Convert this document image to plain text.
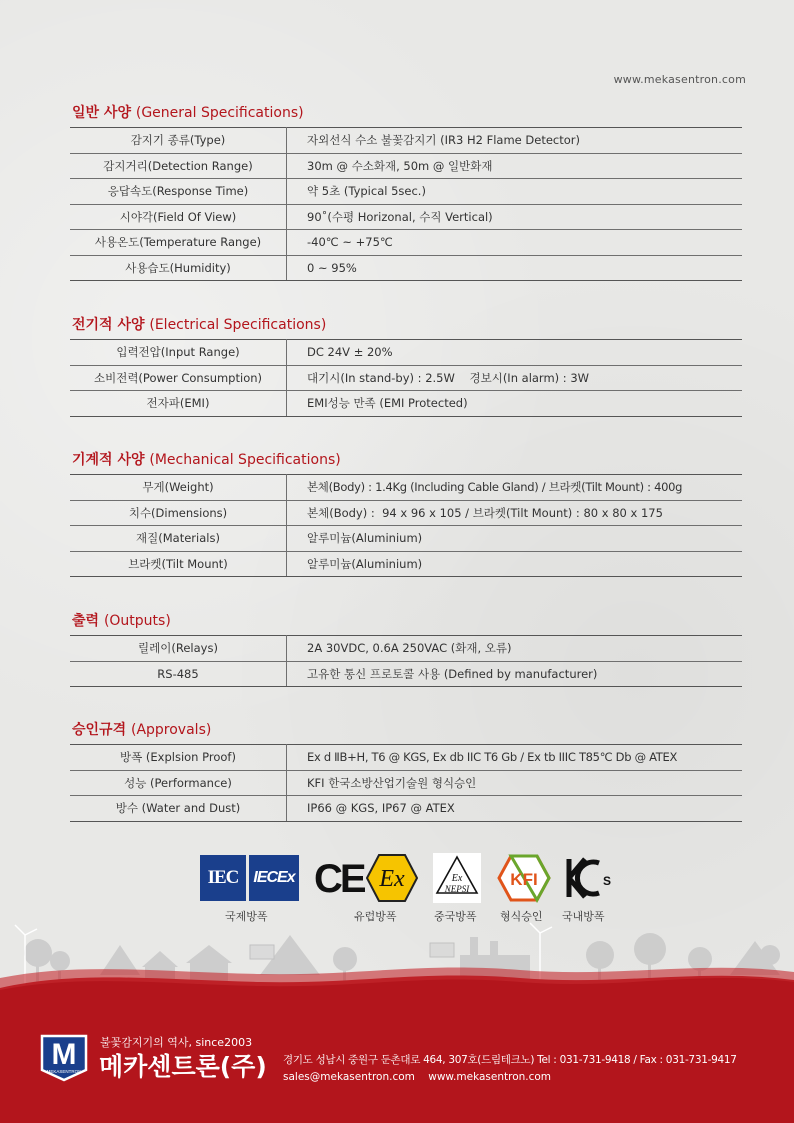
www.mekasentron.com
일반 사양 (General Specifications)
감지기 종류(Type)	자외선식 수소 불꽃감지기 (IR3 H2 Flame Detector)
감지거리(Detection Range)	30m @ 수소화재, 50m @ 일반화재
응답속도(Response Time)	약 5초 (Typical 5sec.)
시야각(Field Of View)	90˚(수평 Horizonal, 수직 Vertical)
사용온도(Temperature Range)	-40℃ ~ +75℃
사용습도(Humidity)	0 ~ 95%
전기적 사양 (Electrical Specifications)
입력전압(Input Range)	DC 24V ± 20%
소비전력(Power Consumption)	대기시(In stand-by) : 2.5W    경보시(In alarm) : 3W
전자파(EMI)	EMI성능 만족 (EMI Protected)
기계적 사양 (Mechanical Specifications)
무게(Weight)	본체(Body) : 1.4Kg (Including Cable Gland) / 브라켓(Tilt Mount) : 400g
치수(Dimensions)	본체(Body) :  94 x 96 x 105 / 브라켓(Tilt Mount) : 80 x 80 x 175
재질(Materials)	알루미늄(Aluminium)
브라켓(Tilt Mount)	알루미늄(Aluminium)
출력 (Outputs)
릴레이(Relays)	2A 30VDC, 0.6A 250VAC (화재, 오류)
RS-485	고유한 통신 프로토콜 사용 (Defined by manufacturer)
승인규격 (Approvals)
방폭 (Explsion Proof)	Ex d ⅡB+H, T6 @ KGS, Ex db IIC T6 Gb / Ex tb IIIC T85℃ Db @ ATEX
성능 (Performance)	KFI 한국소방산업기술원 형식승인
방수 (Water and Dust)	IP66 @ KGS, IP67 @ ATEX
IEC IECEx CE Ex	Ex
NEPSI KFI	S
국제방폭	유럽방폭	중국방폭 형식승인 국내방폭
M
MEKASENTRON
불꽃감지기의 역사, since2003
메카센트론(주) 경기도 성남시 중원구 둔촌대로 464, 307호(드림테크노) Tel : 031-731-9418 / Fax : 031-731-9417
sales@mekasentron.com www.mekasentron.com
